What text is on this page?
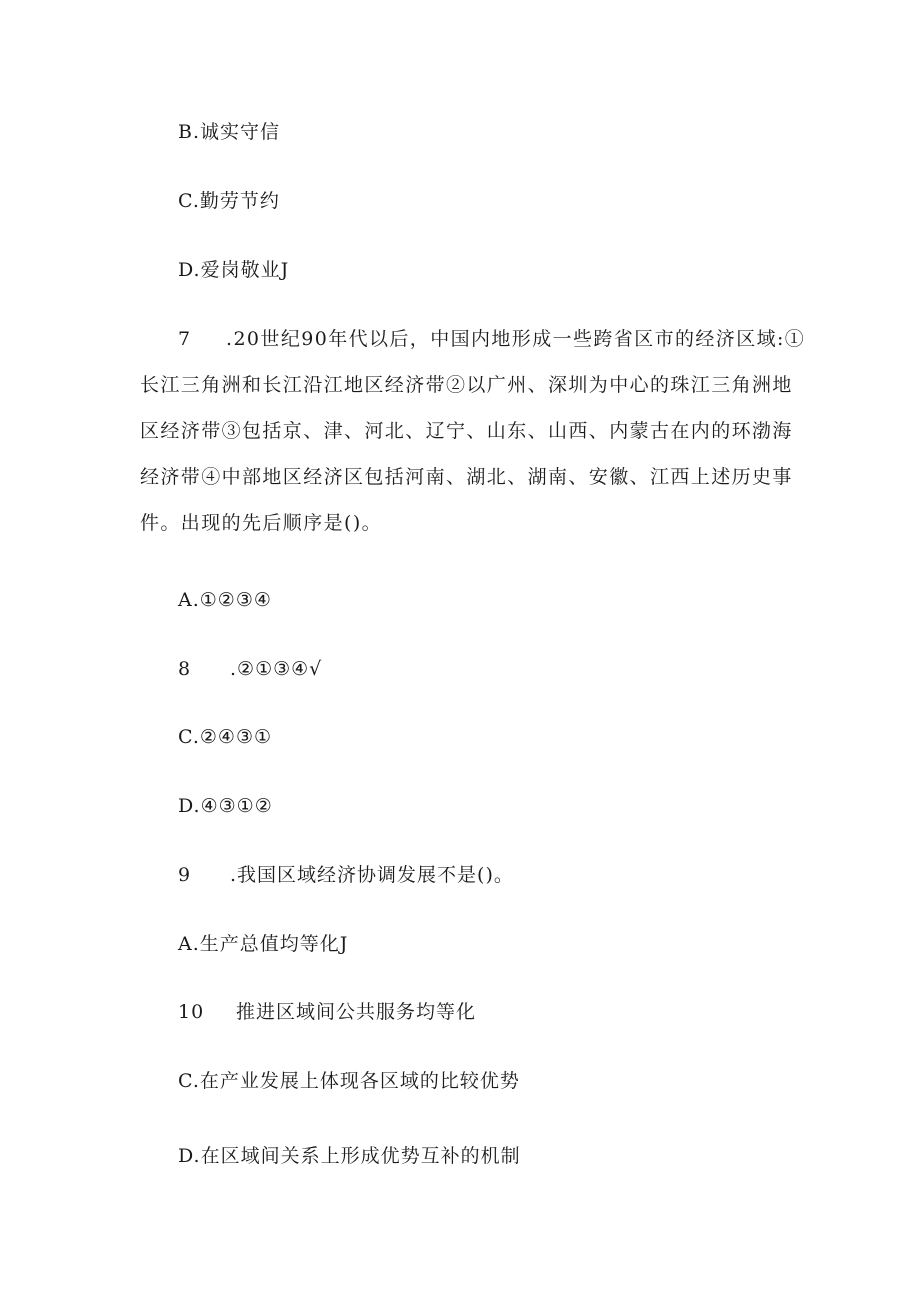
B.诚实守信
C.勤劳节约
D.爱岗敬业J
7 .20世纪90年代以后，中国内地形成一些跨省区市的经济区域:①
长江三角洲和长江沿江地区经济带②以广州、深圳为中心的珠江三角洲地
区经济带③包括京、津、河北、辽宁、山东、山西、内蒙古在内的环渤海
经济带④中部地区经济区包括河南、湖北、湖南、安徽、江西上述历史事
件。出现的先后顺序是()。
A.①②③④
8 .②①③④√
C.②④③①
D.④③①②
9 .我国区域经济协调发展不是()。
A.生产总值均等化J
10 推进区域间公共服务均等化
C.在产业发展上体现各区域的比较优势
D.在区域间关系上形成优势互补的机制
